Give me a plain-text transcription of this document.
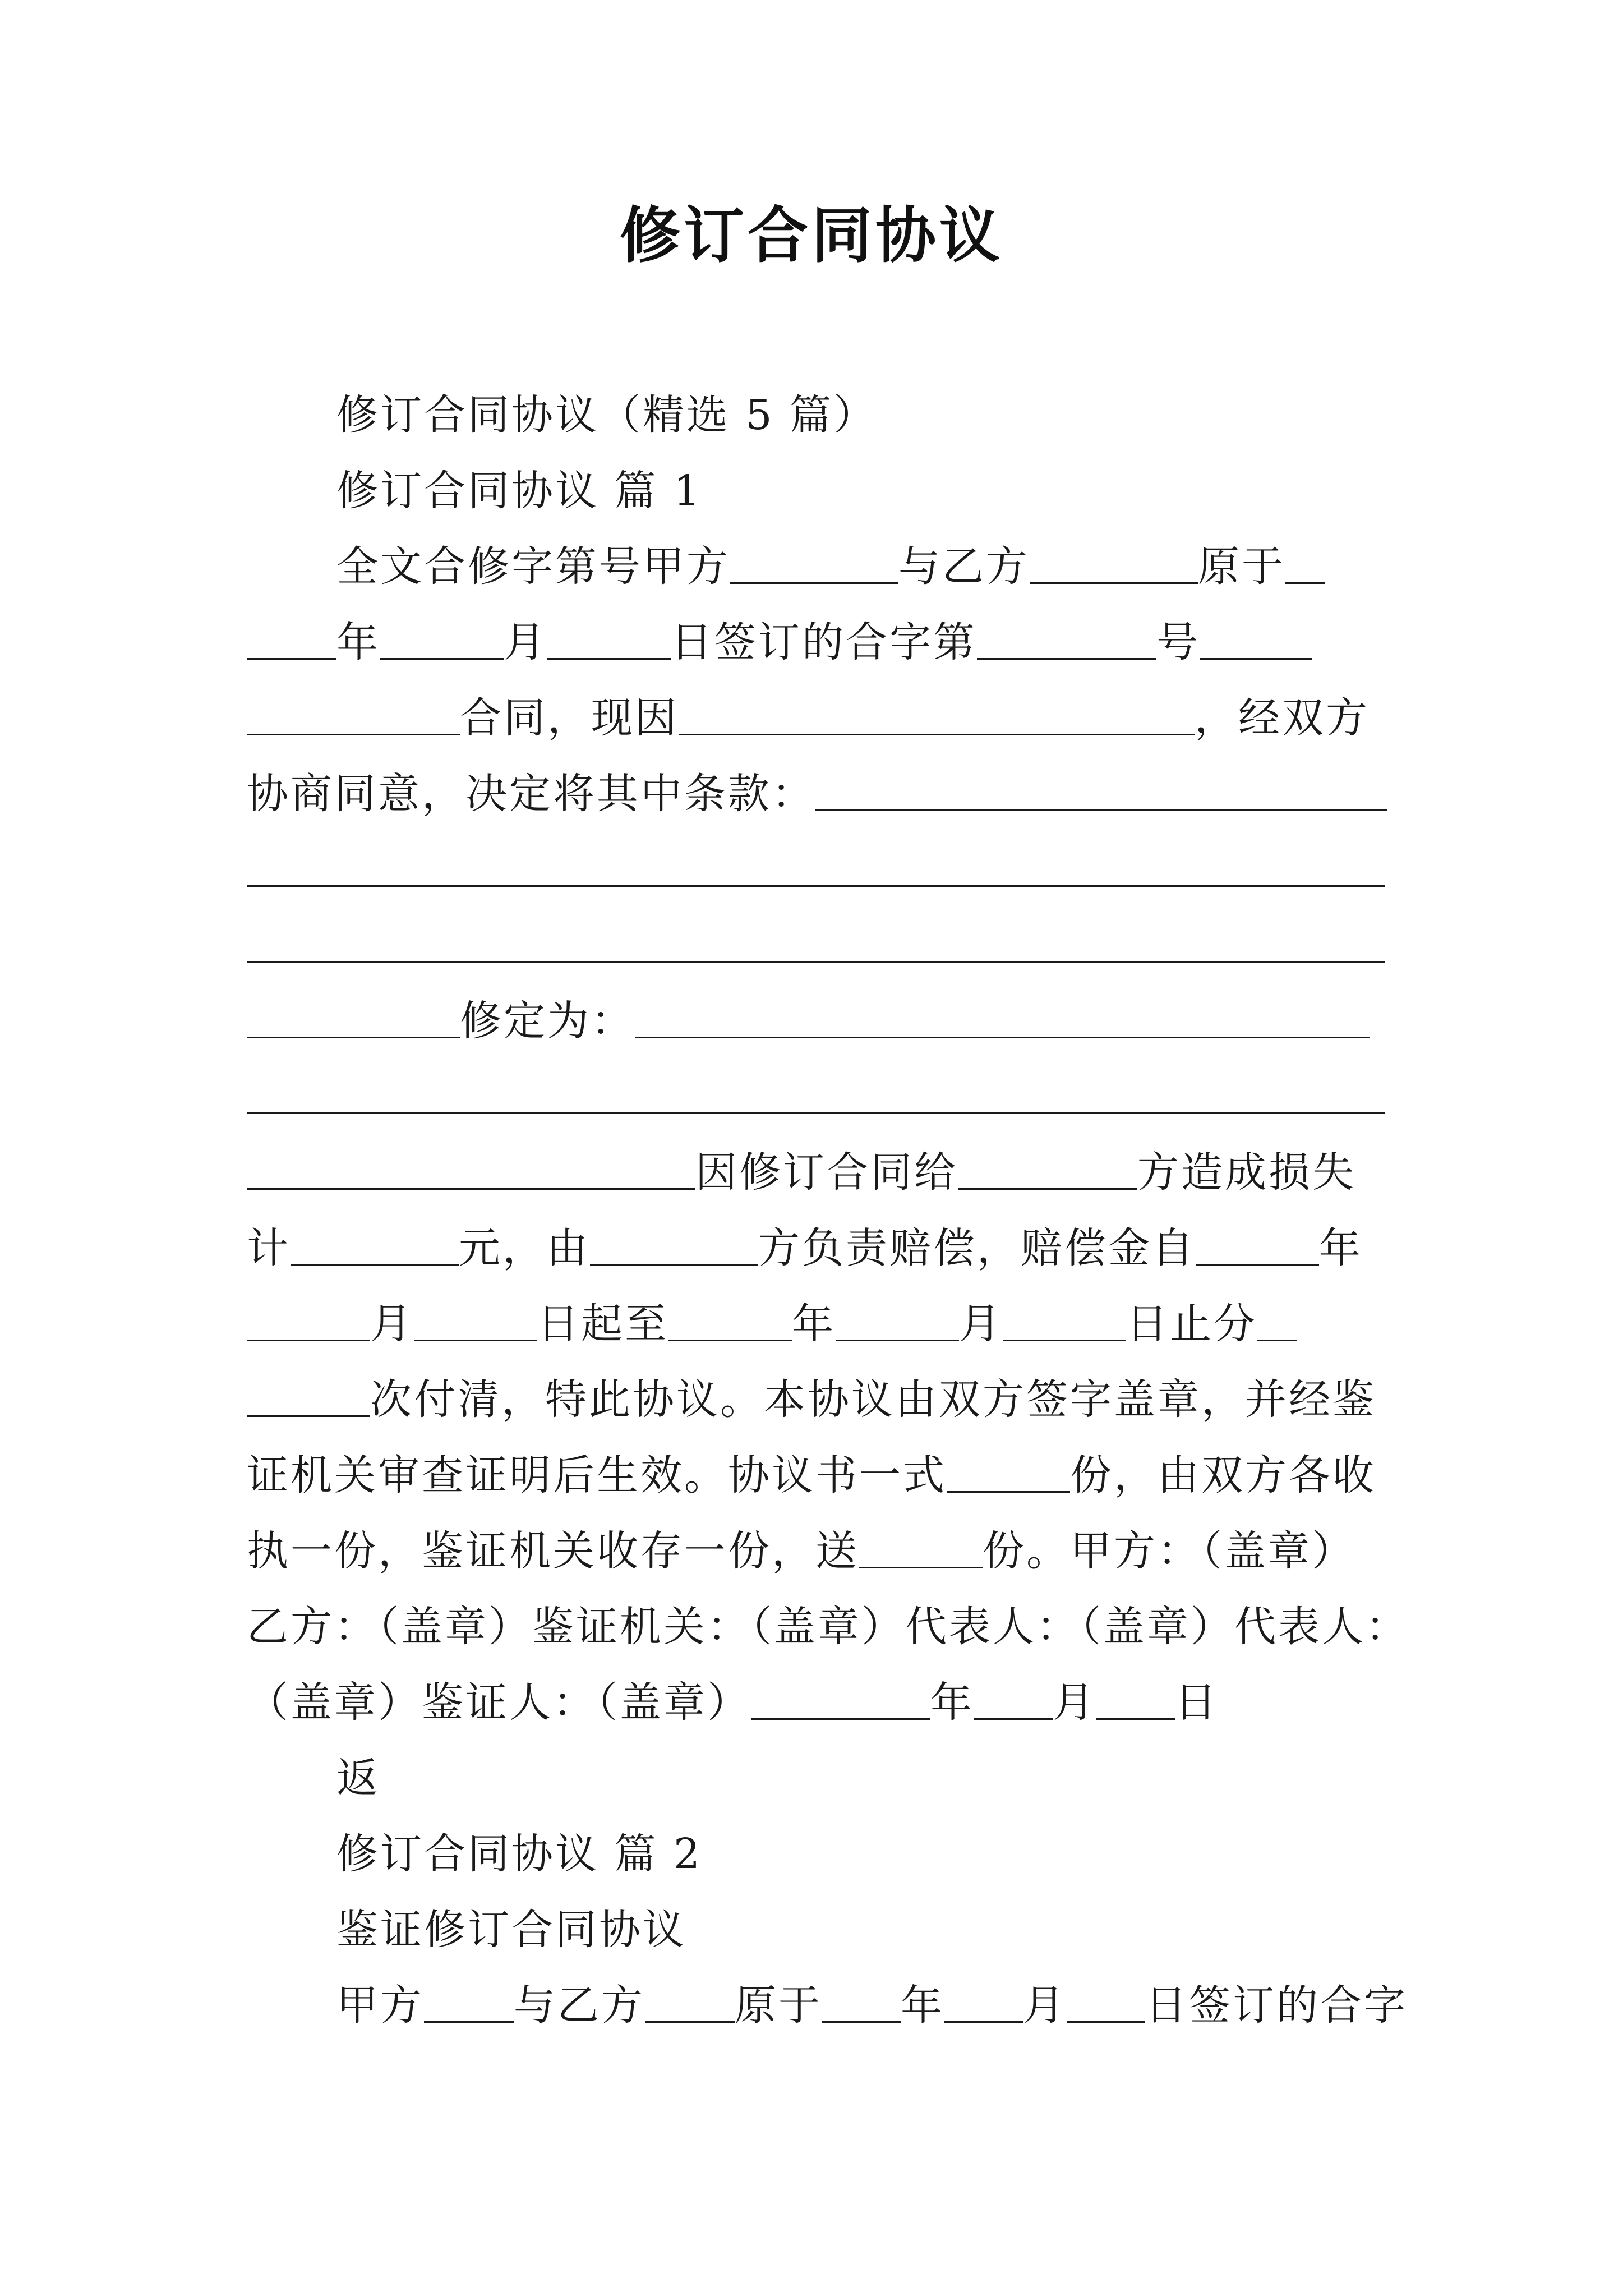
修订合同协议
修订合同协议（精选 5 篇）
修订合同协议 篇 1
全文合修字第号甲方	与乙方	原于
年	月	日签订的合字第	号
合同，现因	，经双方
协商同意，决定将其中条款：
修定为：
因修订合同给	方造成损失
计	元，由	方负责赔偿，赔偿金自	年
月	日起至	年	月	日止分
次付清，特此协议。本协议由双方签字盖章，并经鉴
证机关审查证明后生效。协议书一式	份，由双方各收
执一份，鉴证机关收存一份，送	份。甲方：（盖章）
乙方：（盖章）鉴证机关：（盖章）代表人：（盖章）代表人：
（盖章）鉴证人：（盖章）	年 月 日
返
修订合同协议 篇 2
鉴证修订合同协议
甲方 与乙方 原于 年 月 日签订的合字
